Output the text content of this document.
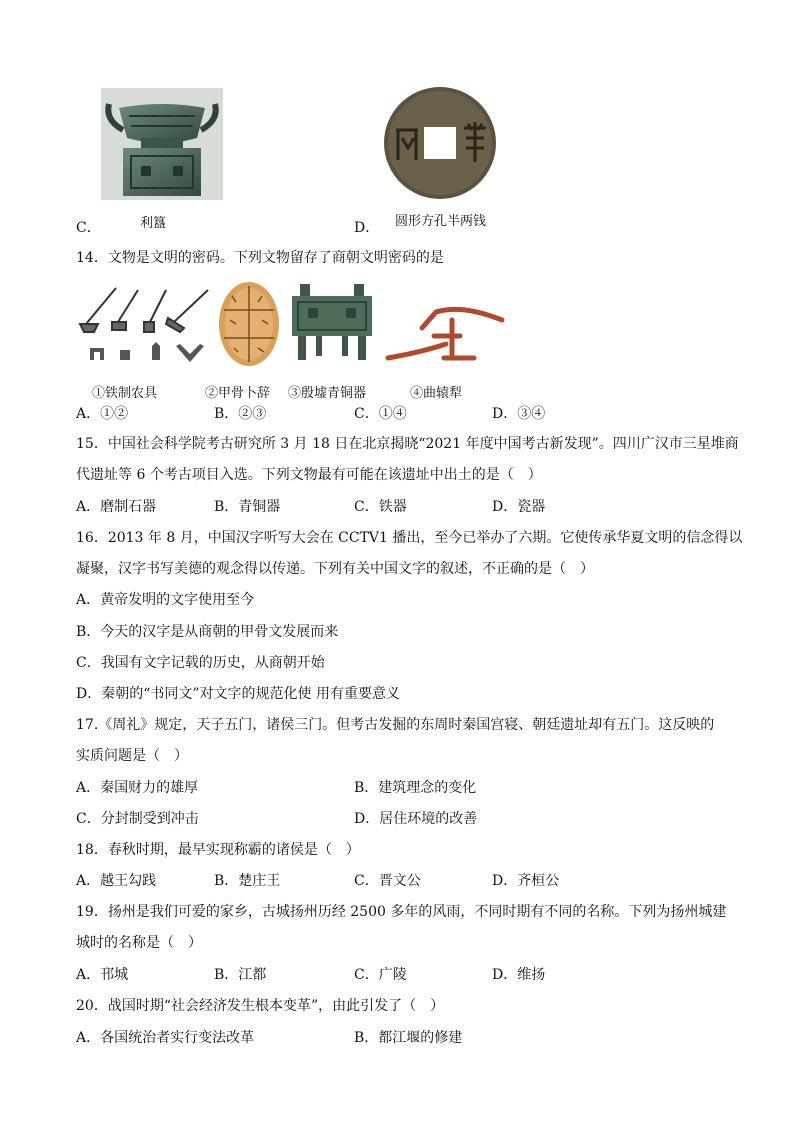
C．	利簋	D． 圆形方孔半两钱
14．文物是文明的密码。下列文物留存了商朝文明密码的是
①铁制农具	②甲骨卜辞 ③殷墟青铜器	④曲辕犁
A．①②	B．②③	C．①④	D．③④
15．中国社会科学院考古研究所 3 月 18 日在北京揭晓“2021 年度中国考古新发现”。四川广汉市三星堆商
代遗址等 6 个考古项目入选。下列文物最有可能在该遗址中出土的是（　）
A．磨制石器	B．青铜器	C．铁器	D．瓷器
16．2013 年 8 月，中国汉字听写大会在 CCTV1 播出，至今已举办了六期。它使传承华夏文明的信念得以
凝聚，汉字书写美德的观念得以传递。下列有关中国文字的叙述，不正确的是（　）
A．黄帝发明的文字使用至今
B．今天的汉字是从商朝的甲骨文发展而来
C．我国有文字记载的历史，从商朝开始
D．秦朝的“书同文”对文字的规范化使 用有重要意义
17.《周礼》规定，天子五门，诸侯三门。但考古发掘的东周时秦国宫寝、朝廷遗址却有五门。这反映的
实质问题是（　）
A．秦国财力的雄厚	B．建筑理念的变化
C．分封制受到冲击	D．居住环境的改善
18．春秋时期，最早实现称霸的诸侯是（　）
A．越王勾践	B．楚庄王	C．晋文公	D．齐桓公
19．扬州是我们可爱的家乡，古城扬州历经 2500 多年的风雨，不同时期有不同的名称。下列为扬州城建
城时的名称是（　）
A．邗城	B．江都	C．广陵	D．维扬
20．战国时期“社会经济发生根本变革”，由此引发了（　）
A．各国统治者实行变法改革	B．都江堰的修建
